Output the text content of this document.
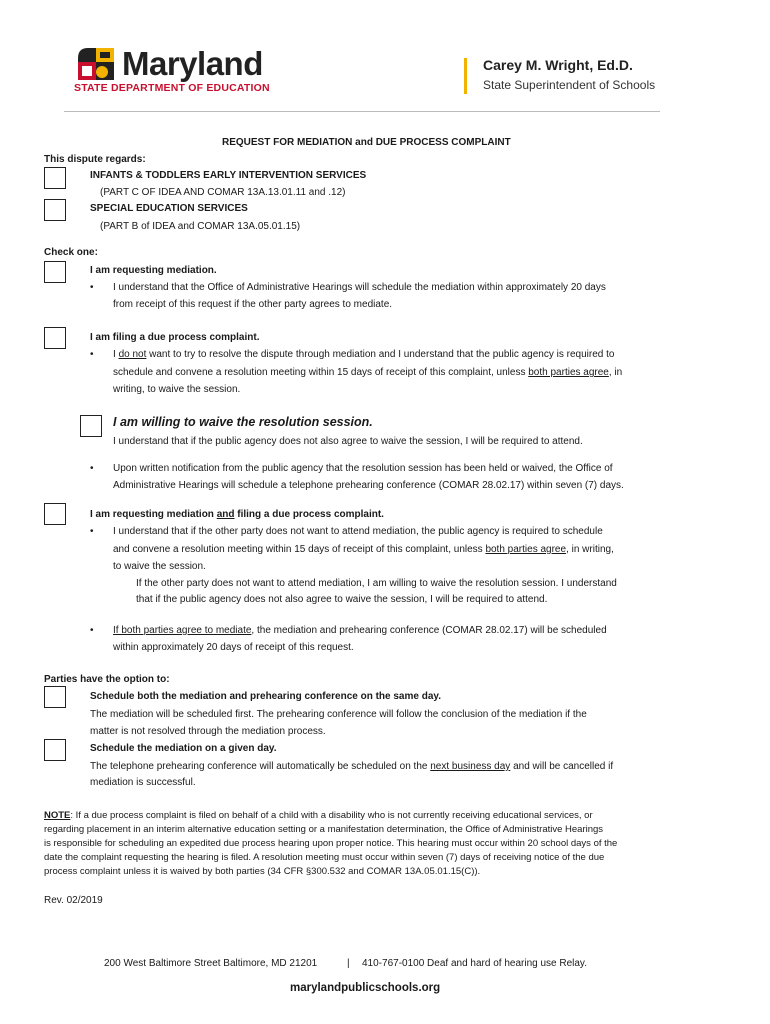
Maryland
STATE DEPARTMENT OF EDUCATION
Carey M. Wright, Ed.D.
State Superintendent of Schools
REQUEST FOR MEDIATION and DUE PROCESS COMPLAINT
This dispute regards:
INFANTS & TODDLERS EARLY INTERVENTION SERVICES
(PART C OF IDEA AND COMAR 13A.13.01.11 and .12)
SPECIAL EDUCATION SERVICES
(PART B of IDEA and COMAR 13A.05.01.15)
Check one:
I am requesting mediation.
• I understand that the Office of Administrative Hearings will schedule the mediation within approximately 20 days
from receipt of this request if the other party agrees to mediate.
I am filing a due process complaint.
• I do not want to try to resolve the dispute through mediation and I understand that the public agency is required to
schedule and convene a resolution meeting within 15 days of receipt of this complaint, unless both parties agree, in
writing, to waive the session.
I am willing to waive the resolution session.
I understand that if the public agency does not also agree to waive the session, I will be required to attend.
• Upon written notification from the public agency that the resolution session has been held or waived, the Office of
Administrative Hearings will schedule a telephone prehearing conference (COMAR 28.02.17) within seven (7) days.
I am requesting mediation and filing a due process complaint.
• I understand that if the other party does not want to attend mediation, the public agency is required to schedule
and convene a resolution meeting within 15 days of receipt of this complaint, unless both parties agree, in writing,
to waive the session.
If the other party does not want to attend mediation, I am willing to waive the resolution session. I understand
that if the public agency does not also agree to waive the session, I will be required to attend.
• If both parties agree to mediate, the mediation and prehearing conference (COMAR 28.02.17) will be scheduled
within approximately 20 days of receipt of this request.
Parties have the option to:
Schedule both the mediation and prehearing conference on the same day.
The mediation will be scheduled first. The prehearing conference will follow the conclusion of the mediation if the
matter is not resolved through the mediation process.
Schedule the mediation on a given day.
The telephone prehearing conference will automatically be scheduled on the next business day and will be cancelled if
mediation is successful.
NOTE: If a due process complaint is filed on behalf of a child with a disability who is not currently receiving educational services, or
regarding placement in an interim alternative education setting or a manifestation determination, the Office of Administrative Hearings
is responsible for scheduling an expedited due process hearing upon proper notice. This hearing must occur within 20 school days of the
date the complaint requesting the hearing is filed. A resolution meeting must occur within seven (7) days of receiving notice of the due
process complaint unless it is waived by both parties (34 CFR §300.532 and COMAR 13A.05.01.15(C)).
Rev. 02/2019
200 West Baltimore Street Baltimore, MD 21201	| 410-767-0100 Deaf and hard of hearing use Relay.
marylandpublicschools.org
